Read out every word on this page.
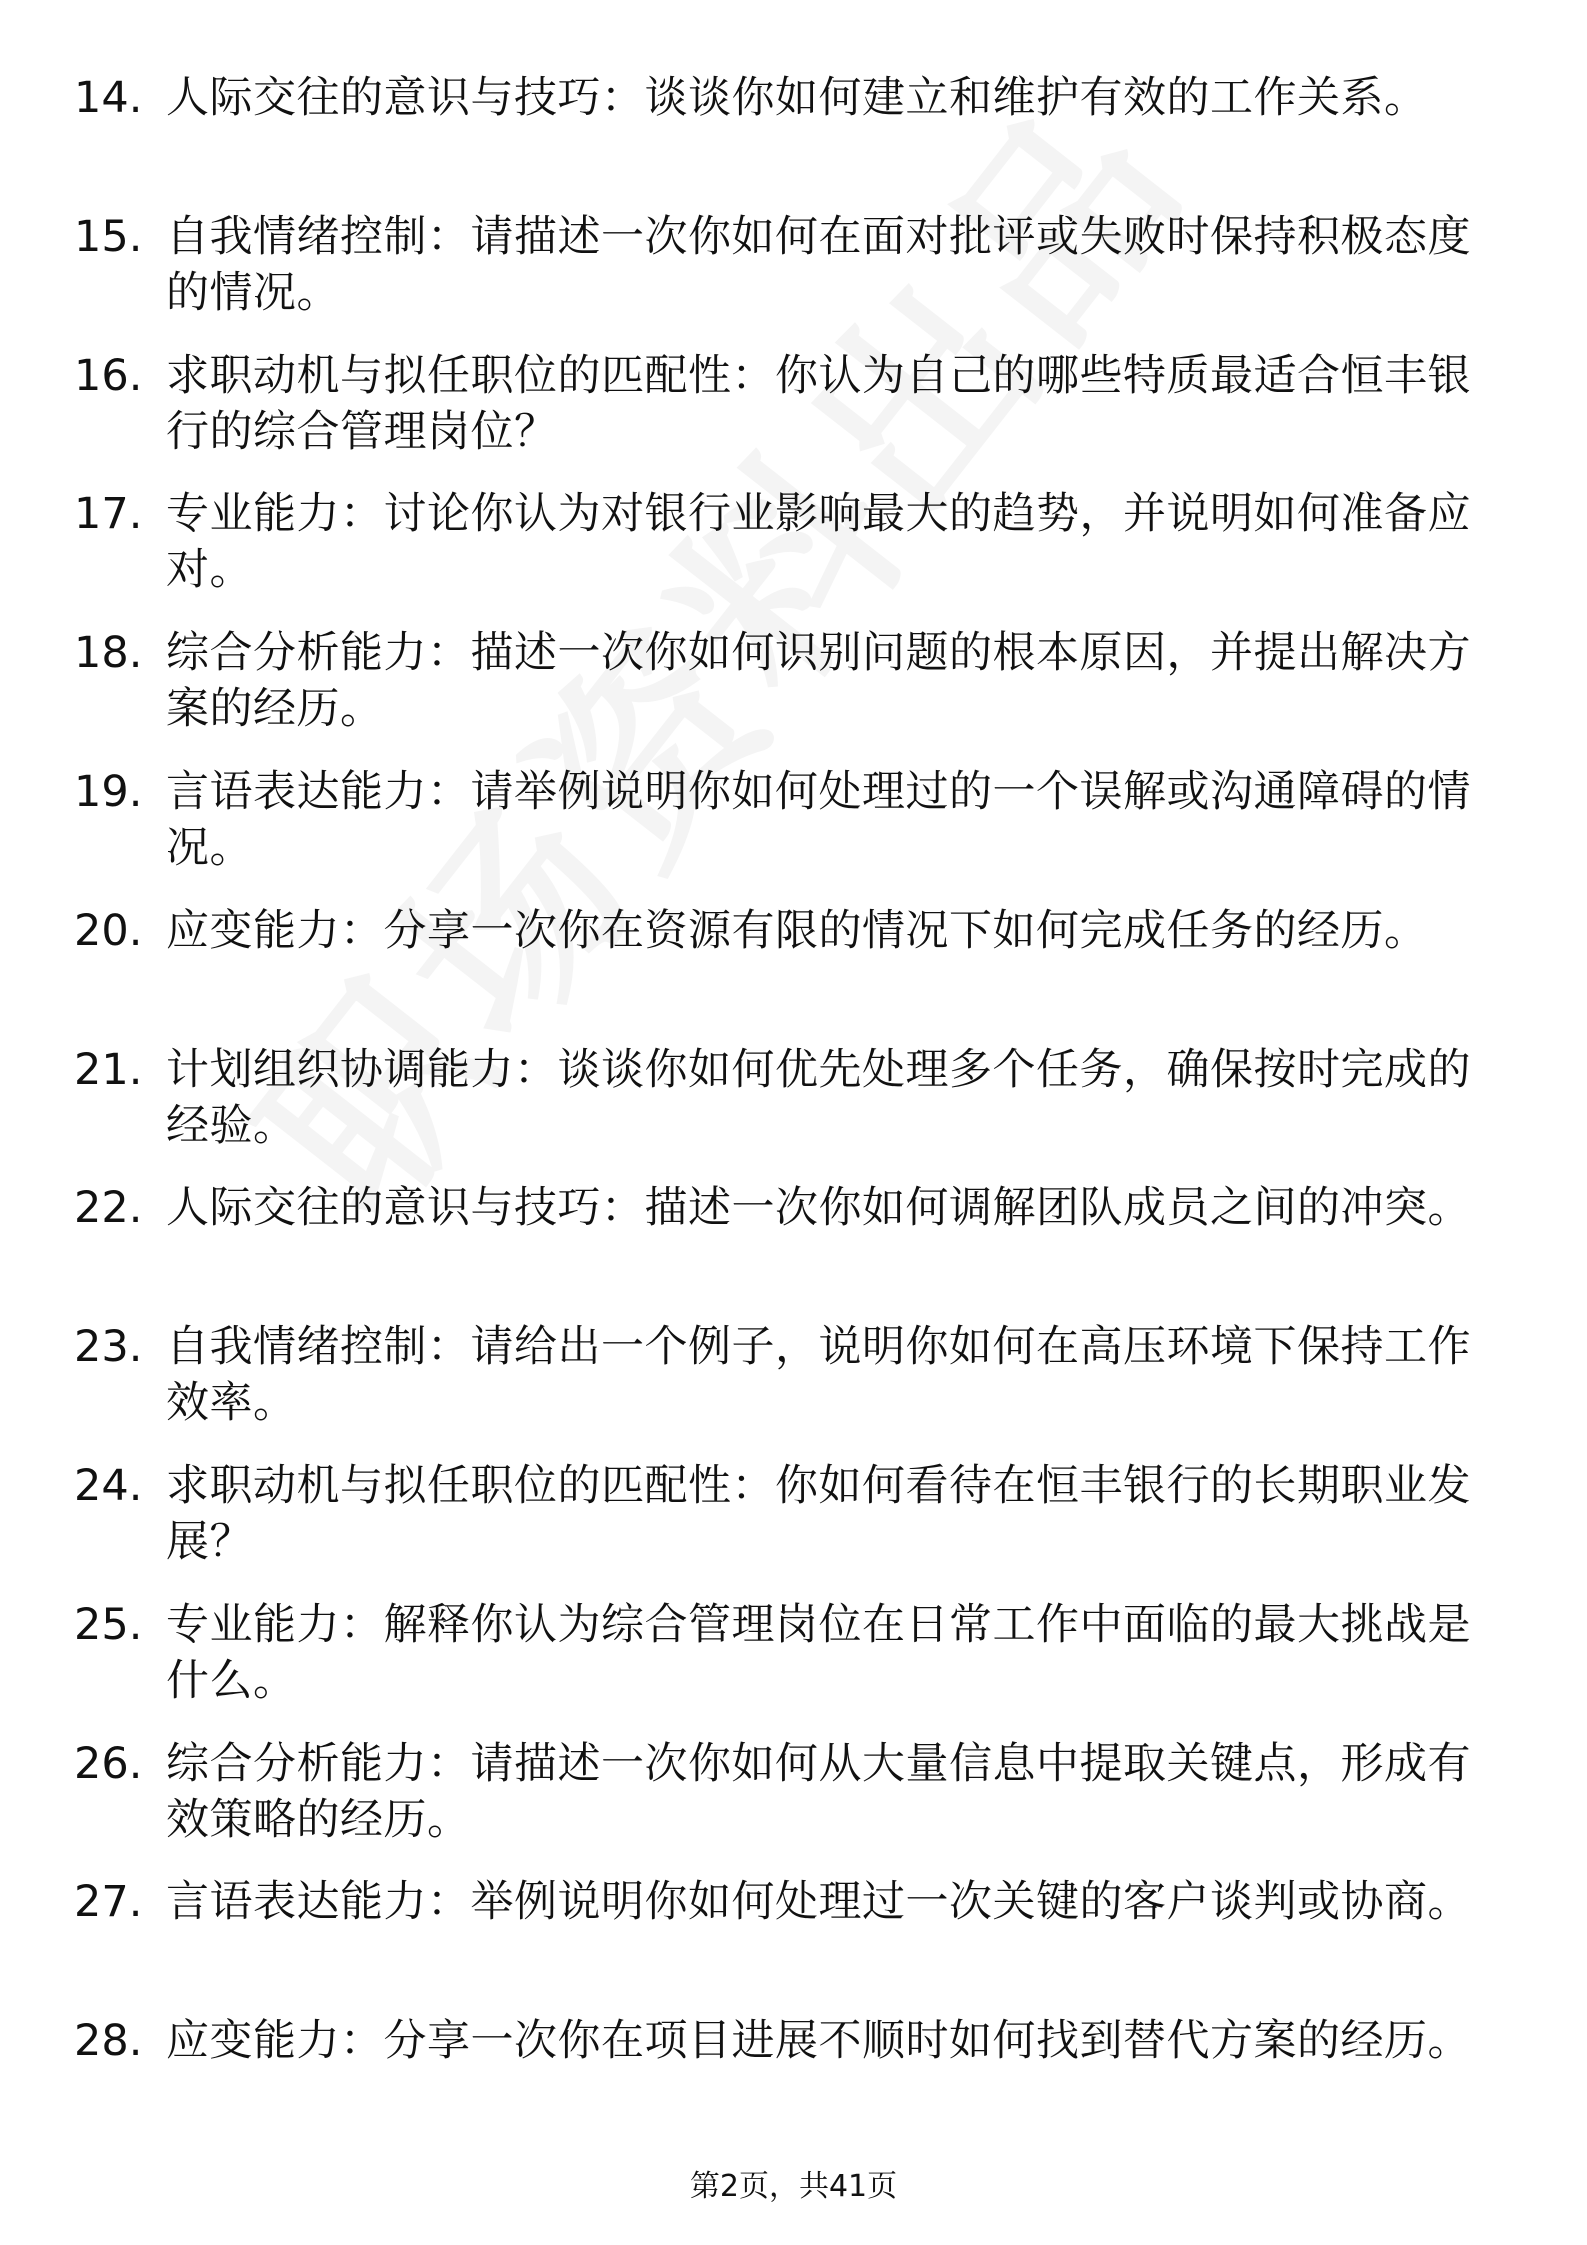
14. 人际交往的意识与技巧：谈谈你如何建立和维护有效的工作关系。
15. 自我情绪控制：请描述一次你如何在面对批评或失败时保持积极态度的情况。
16. 求职动机与拟任职位的匹配性：你认为自己的哪些特质最适合恒丰银行的综合管理岗位？
17. 专业能力：讨论你认为对银行业影响最大的趋势，并说明如何准备应对。
18. 综合分析能力：描述一次你如何识别问题的根本原因，并提出解决方案的经历。
19. 言语表达能力：请举例说明你如何处理过的一个误解或沟通障碍的情况。
20. 应变能力：分享一次你在资源有限的情况下如何完成任务的经历。
21. 计划组织协调能力：谈谈你如何优先处理多个任务，确保按时完成的经验。
22. 人际交往的意识与技巧：描述一次你如何调解团队成员之间的冲突。
23. 自我情绪控制：请给出一个例子，说明你如何在高压环境下保持工作效率。
24. 求职动机与拟任职位的匹配性：你如何看待在恒丰银行的长期职业发展？
25. 专业能力：解释你认为综合管理岗位在日常工作中面临的最大挑战是什么。
26. 综合分析能力：请描述一次你如何从大量信息中提取关键点，形成有效策略的经历。
27. 言语表达能力：举例说明你如何处理过一次关键的客户谈判或协商。
28. 应变能力：分享一次你在项目进展不顺时如何找到替代方案的经历。
第2页，共41页
